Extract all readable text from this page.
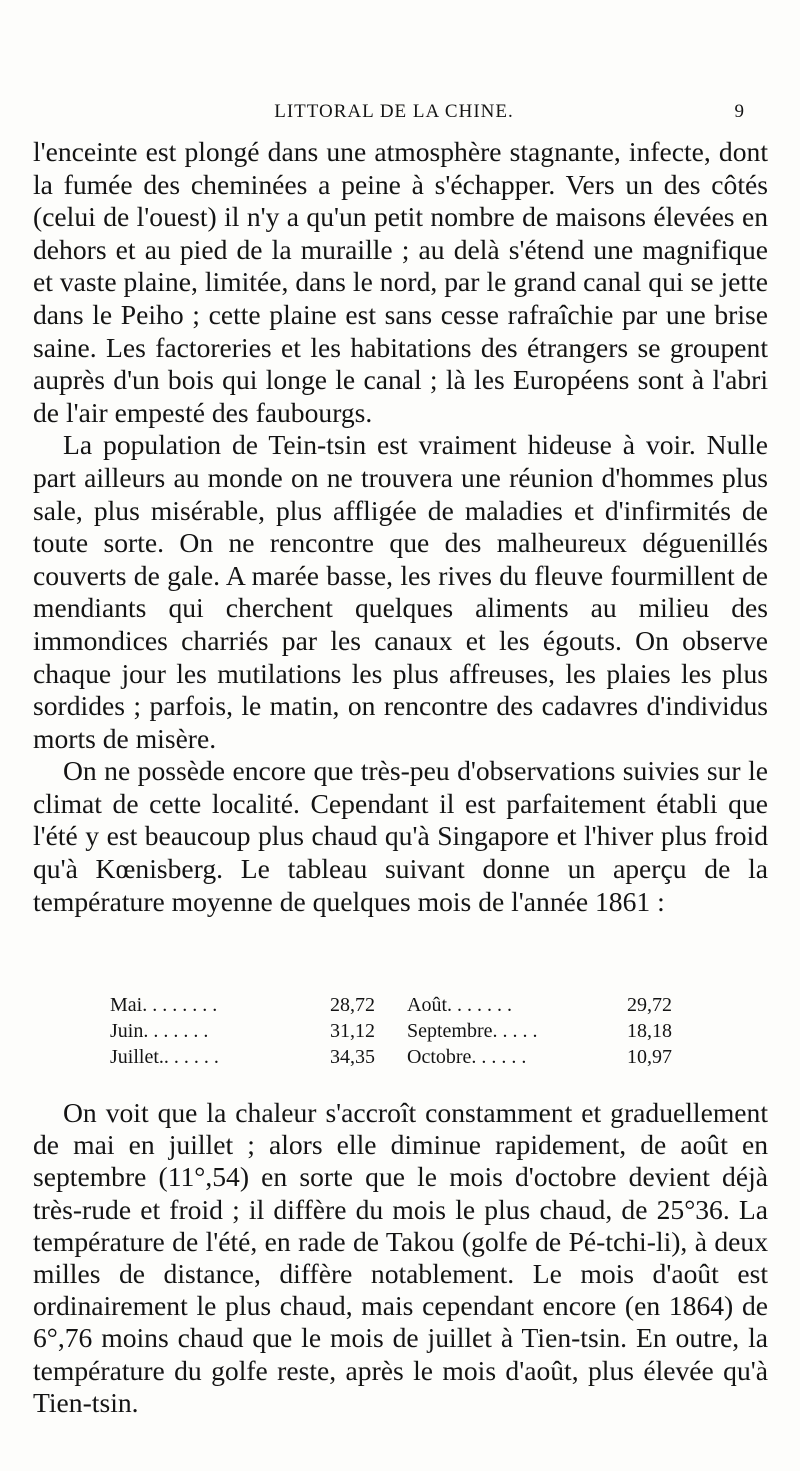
LITTORAL DE LA CHINE.	9

l'enceinte est plongé dans une atmosphère stagnante, infecte, dont la fumée des cheminées a peine à s'échapper. Vers un des côtés (celui de l'ouest) il n'y a qu'un petit nombre de maisons élevées en dehors et au pied de la muraille ; au delà s'étend une magnifique et vaste plaine, limitée, dans le nord, par le grand canal qui se jette dans le Peiho ; cette plaine est sans cesse rafraîchie par une brise saine. Les factoreries et les habitations des étrangers se groupent auprès d'un bois qui longe le canal ; là les Européens sont à l'abri de l'air empesté des faubourgs.

La population de Tein-tsin est vraiment hideuse à voir. Nulle part ailleurs au monde on ne trouvera une réunion d'hommes plus sale, plus misérable, plus affligée de maladies et d'infirmités de toute sorte. On ne rencontre que des malheureux déguenillés couverts de gale. A marée basse, les rives du fleuve fourmillent de mendiants qui cherchent quelques aliments au milieu des immondices charriés par les canaux et les égouts. On observe chaque jour les mutilations les plus affreuses, les plaies les plus sordides ; parfois, le matin, on rencontre des cadavres d'individus morts de misère.

On ne possède encore que très-peu d'observations suivies sur le climat de cette localité. Cependant il est parfaitement établi que l'été y est beaucoup plus chaud qu'à Singapore et l'hiver plus froid qu'à Kœnisberg. Le tableau suivant donne un aperçu de la température moyenne de quelques mois de l'année 1861 :

Mai. . . . . . . .	28,72 Août. . . . . . .	29,72
Juin. . . . . . .	31,12 Septembre. . . . .	18,18
Juillet.. . . . . .	34,35 Octobre. . . . . .	10,97

On voit que la chaleur s'accroît constamment et graduellement de mai en juillet ; alors elle diminue rapidement, de août en septembre (11°,54) en sorte que le mois d'octobre devient déjà très-rude et froid ; il diffère du mois le plus chaud, de 25°36. La température de l'été, en rade de Takou (golfe de Pé-tchi-li), à deux milles de distance, diffère notablement. Le mois d'août est ordinairement le plus chaud, mais cependant encore (en 1864) de 6°,76 moins chaud que le mois de juillet à Tien-tsin. En outre, la température du golfe reste, après le mois d'août, plus élevée qu'à Tien-tsin.
